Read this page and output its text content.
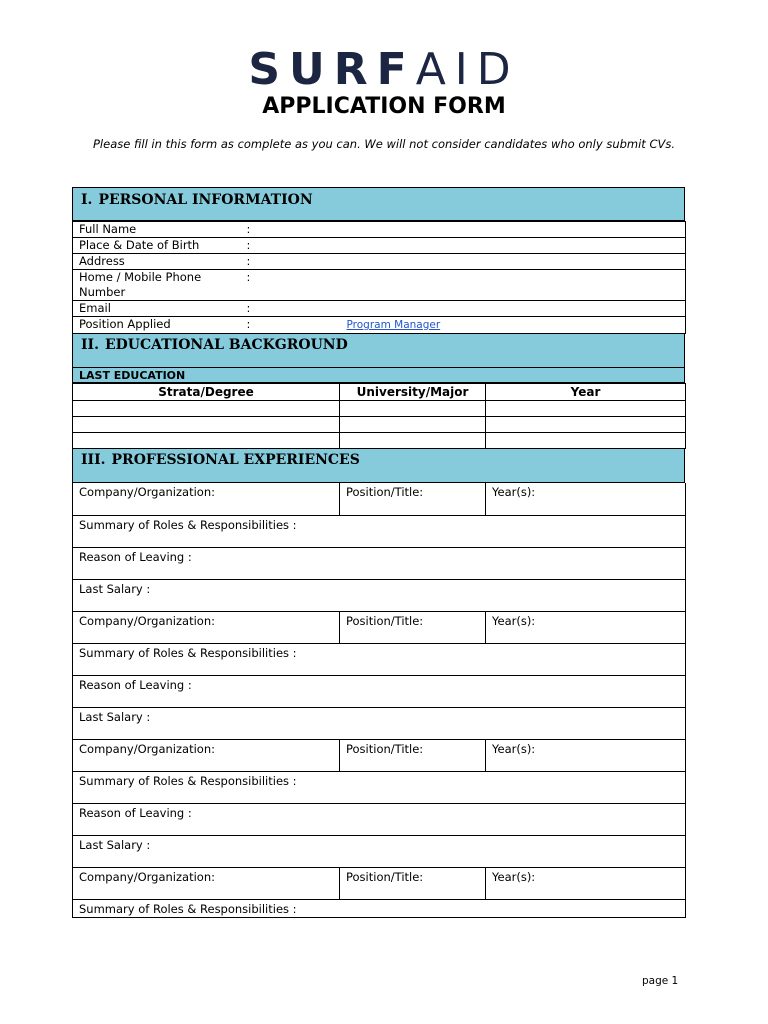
SURFAID
APPLICATION FORM
Please fill in this form as complete as you can. We will not consider candidates who only submit CVs.
I. PERSONAL INFORMATION
Full Name	:	
Place & Date of Birth	:	
Address	:	
Home / Mobile Phone Number	:	
Email	:	
Position Applied	:	Program Manager
II. EDUCATIONAL BACKGROUND
LAST EDUCATION
Strata/Degree	University/Major	Year

III. PROFESSIONAL EXPERIENCES
Company/Organization:	Position/Title:	Year(s):
Summary of Roles & Responsibilities :		
Reason of Leaving :		
Last Salary :		
Company/Organization:	Position/Title:	Year(s):
Summary of Roles & Responsibilities :		
Reason of Leaving :		
Last Salary :		
Company/Organization:	Position/Title:	Year(s):
Summary of Roles & Responsibilities :		
Reason of Leaving :		
Last Salary :		
Company/Organization:	Position/Title:	Year(s):
Summary of Roles & Responsibilities :		
page 1
